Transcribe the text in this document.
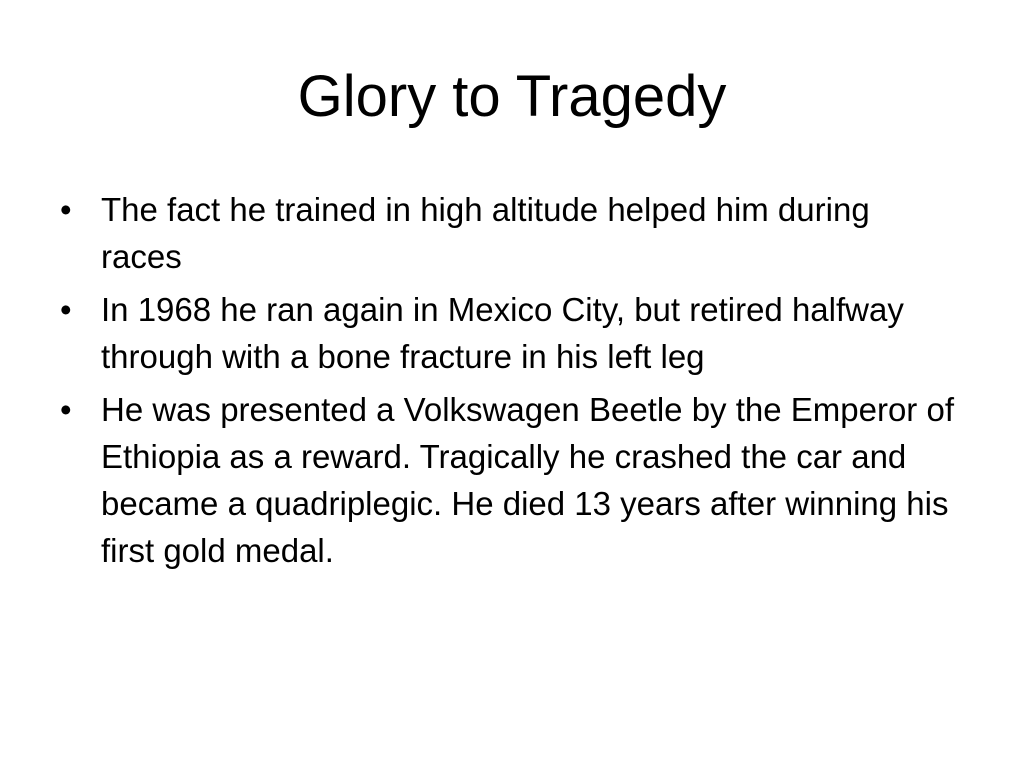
Glory to Tragedy
• The fact he trained in high altitude helped him during races
• In 1968 he ran again in Mexico City, but retired halfway through with a bone fracture in his left leg
• He was presented a Volkswagen Beetle by the Emperor of Ethiopia as a reward. Tragically he crashed the car and became a quadriplegic. He died 13 years after winning his first gold medal.
